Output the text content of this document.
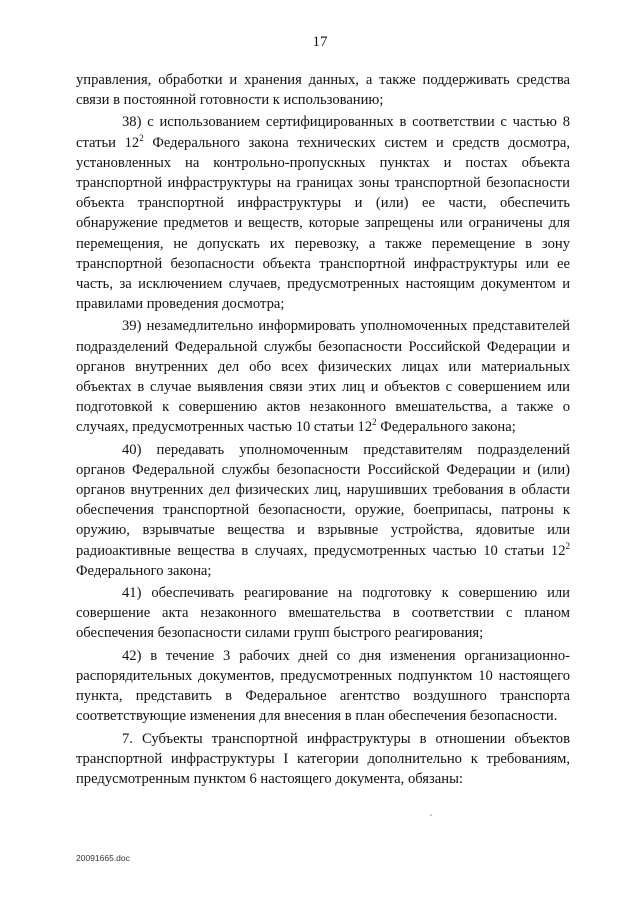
17

управления, обработки и хранения данных, а также поддерживать средства связи в постоянной готовности к использованию;

38) с использованием сертифицированных в соответствии с частью 8 статьи $12^2$ Федерального закона технических систем и средств досмотра, установленных на контрольно-пропускных пунктах и постах объекта транспортной инфраструктуры на границах зоны транспортной безопасности объекта транспортной инфраструктуры и (или) ее части, обеспечить обнаружение предметов и веществ, которые запрещены или ограничены для перемещения, не допускать их перевозку, а также перемещение в зону транспортной безопасности объекта транспортной инфраструктуры или ее часть, за исключением случаев, предусмотренных настоящим документом и правилами проведения досмотра;

39) незамедлительно информировать уполномоченных представителей подразделений Федеральной службы безопасности Российской Федерации и органов внутренних дел обо всех физических лицах или материальных объектах в случае выявления связи этих лиц и объектов с совершением или подготовкой к совершению актов незаконного вмешательства, а также о случаях, предусмотренных частью 10 статьи $12^2$ Федерального закона;

40) передавать уполномоченным представителям подразделений органов Федеральной службы безопасности Российской Федерации и (или) органов внутренних дел физических лиц, нарушивших требования в области обеспечения транспортной безопасности, оружие, боеприпасы, патроны к оружию, взрывчатые вещества и взрывные устройства, ядовитые или радиоактивные вещества в случаях, предусмотренных частью 10 статьи $12^2$ Федерального закона;

41) обеспечивать реагирование на подготовку к совершению или совершение акта незаконного вмешательства в соответствии с планом обеспечения безопасности силами групп быстрого реагирования;

42) в течение 3 рабочих дней со дня изменения организационно-распорядительных документов, предусмотренных подпунктом 10 настоящего пункта, представить в Федеральное агентство воздушного транспорта соответствующие изменения для внесения в план обеспечения безопасности.

7. Субъекты транспортной инфраструктуры в отношении объектов транспортной инфраструктуры I категории дополнительно к требованиям, предусмотренным пунктом 6 настоящего документа, обязаны:

20091665.doc
